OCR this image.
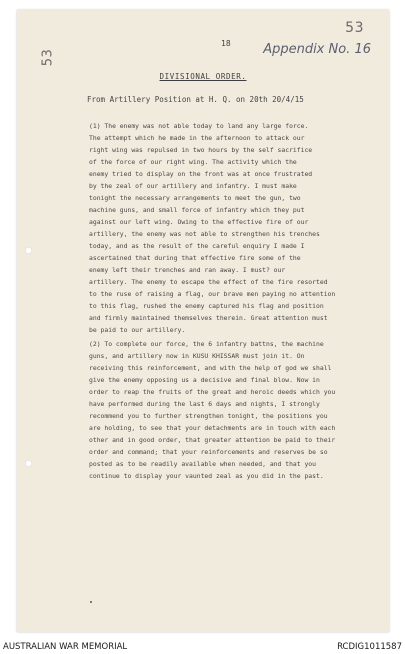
53
53	Appendix No. 16
18
DIVISIONAL ORDER.
From Artillery Position at H. Q. on 20th 20/4/15

(1) The enemy was not able today to land any large force.
The attempt which he made in the afternoon to attack our
right wing was repulsed in two hours by the self sacrifice
of the force of our right wing. The activity which the
enemy tried to display on the front was at once frustrated
by the zeal of our artillery and infantry. I must make
tonight the necessary arrangements to meet the gun, two
machine guns, and small force of infantry which they put
against our left wing. Owing to the effective fire of our
artillery, the enemy was not able to strengthen his trenches
today, and as the result of the careful enquiry I made I
ascertained that during that effective fire some of the
enemy left their trenches and ran away. I must? our
artillery. The enemy to escape the effect of the fire resorted
to the ruse of raising a flag, our brave men paying no attention
to this flag, rushed the enemy captured his flag and position
and firmly maintained themselves therein. Great attention must
be paid to our artillery.

(2) To complete our force, the 6 infantry battns, the machine
guns, and artillery now in KUSU KHISSAR must join it. On
receiving this reinforcement, and with the help of god we shall
give the enemy opposing us a decisive and final blow. Now in
order to reap the fruits of the great and heroic deeds which you
have performed during the last 6 days and nights, I strongly
recommend you to further strengthen tonight, the positions you
are holding, to see that your detachments are in touch with each
other and in good order, that greater attention be paid to their
order and command; that your reinforcements and reserves be so
posted as to be readily available when needed, and that you
continue to display your vaunted zeal as you did in the past.

AUSTRALIAN WAR MEMORIAL	RCDIG1011587
